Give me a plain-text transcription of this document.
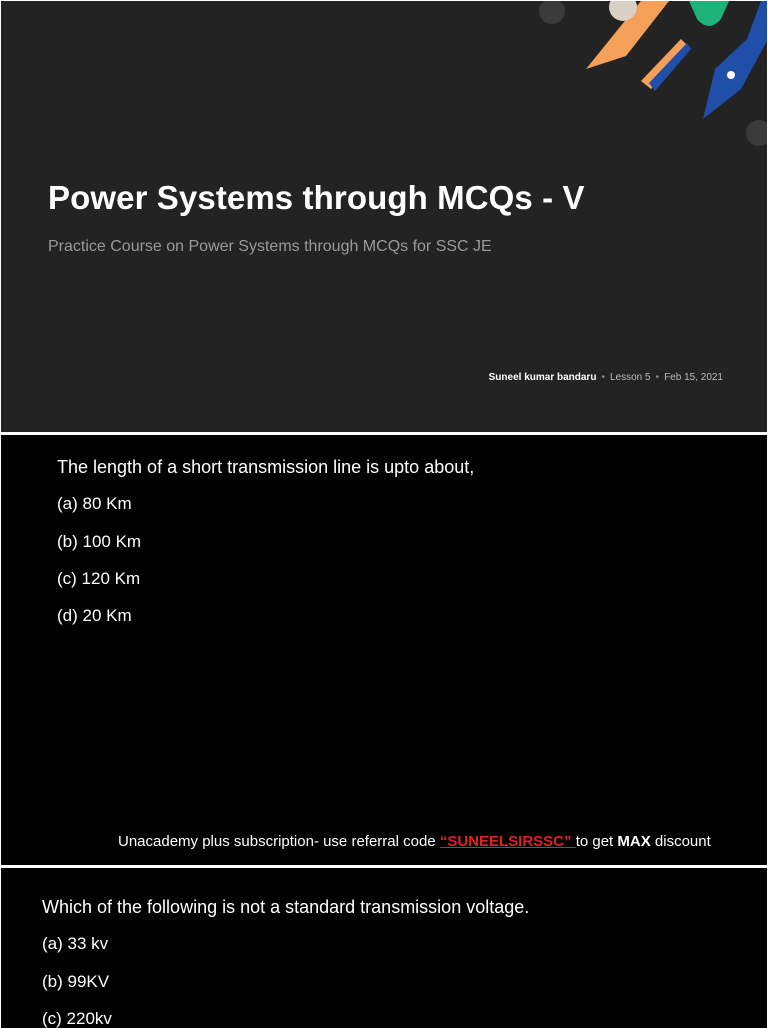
Power Systems through MCQs - V
Practice Course on Power Systems through MCQs for SSC JE
Suneel kumar bandaru • Lesson 5 • Feb 15, 2021
The length of a short transmission line is upto about,
(a) 80 Km
(b) 100 Km
(c) 120 Km
(d) 20 Km
Unacademy plus subscription- use referral code “SUNEELSIRSSC” to get MAX discount
Which of the following is not a standard transmission voltage.
(a) 33 kv
(b) 99KV
(c) 220kv
